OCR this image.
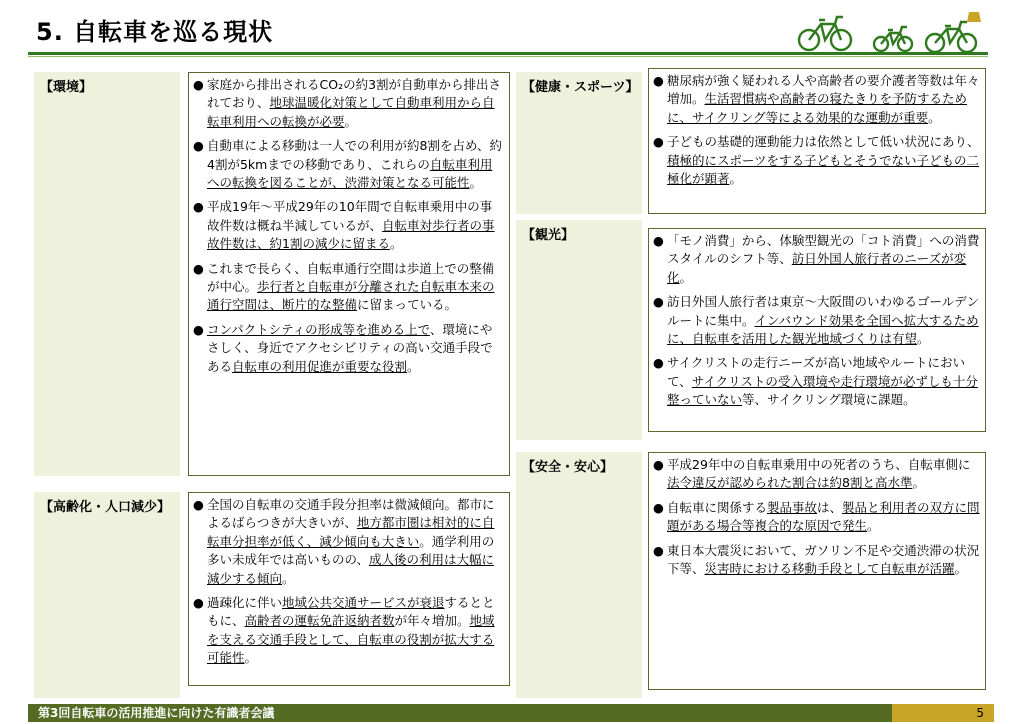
5. 自転車を巡る現状
【環境】	● 家庭から排出されるCO₂の約3割が自動車から排出されており、地球温暖化対策として自動車利用から自転車利用への転換が必要。
● 自動車による移動は一人での利用が約8割を占め、約4割が5kmまでの移動であり、これらの自転車利用への転換を図ることが、渋滞対策となる可能性。
● 平成19年～平成29年の10年間で自転車乗用中の事故件数は概ね半減しているが、自転車対歩行者の事故件数は、約1割の減少に留まる。
● これまで長らく、自転車通行空間は歩道上での整備が中心。歩行者と自転車が分離された自転車本来の通行空間は、断片的な整備に留まっている。
● コンパクトシティの形成等を進める上で、環境にやさしく、身近でアクセシビリティの高い交通手段である自転車の利用促進が重要な役割。
【高齢化・人口減少】	● 全国の自転車の交通手段分担率は微減傾向。都市によるばらつきが大きいが、地方都市圏は相対的に自転車分担率が低く、減少傾向も大きい。通学利用の多い未成年では高いものの、成人後の利用は大幅に減少する傾向。
● 過疎化に伴い地域公共交通サービスが衰退するとともに、高齢者の運転免許返納者数が年々増加。地域を支える交通手段として、自転車の役割が拡大する可能性。
【健康・スポーツ】 ● 糖尿病が強く疑われる人や高齢者の要介護者等数は年々増加。生活習慣病や高齢者の寝たきりを予防するために、サイクリング等による効果的な運動が重要。
● 子どもの基礎的運動能力は依然として低い状況にあり、積極的にスポーツをする子どもとそうでない子どもの二極化が顕著。
【観光】	● 「モノ消費」から、体験型観光の「コト消費」への消費スタイルのシフト等、訪日外国人旅行者のニーズが変化。
● 訪日外国人旅行者は東京～大阪間のいわゆるゴールデンルートに集中。インバウンド効果を全国へ拡大するために、自転車を活用した観光地域づくりは有望。
● サイクリストの走行ニーズが高い地域やルートにおいて、サイクリストの受入環境や走行環境が必ずしも十分整っていない等、サイクリング環境に課題。
【安全・安心】	● 平成29年中の自転車乗用中の死者のうち、自転車側に法令違反が認められた割合は約8割と高水準。
● 自転車に関係する製品事故は、製品と利用者の双方に問題がある場合等複合的な原因で発生。
● 東日本大震災において、ガソリン不足や交通渋滞の状況下等、災害時における移動手段として自転車が活躍。
第3回自転車の活用推進に向けた有識者会議	5
